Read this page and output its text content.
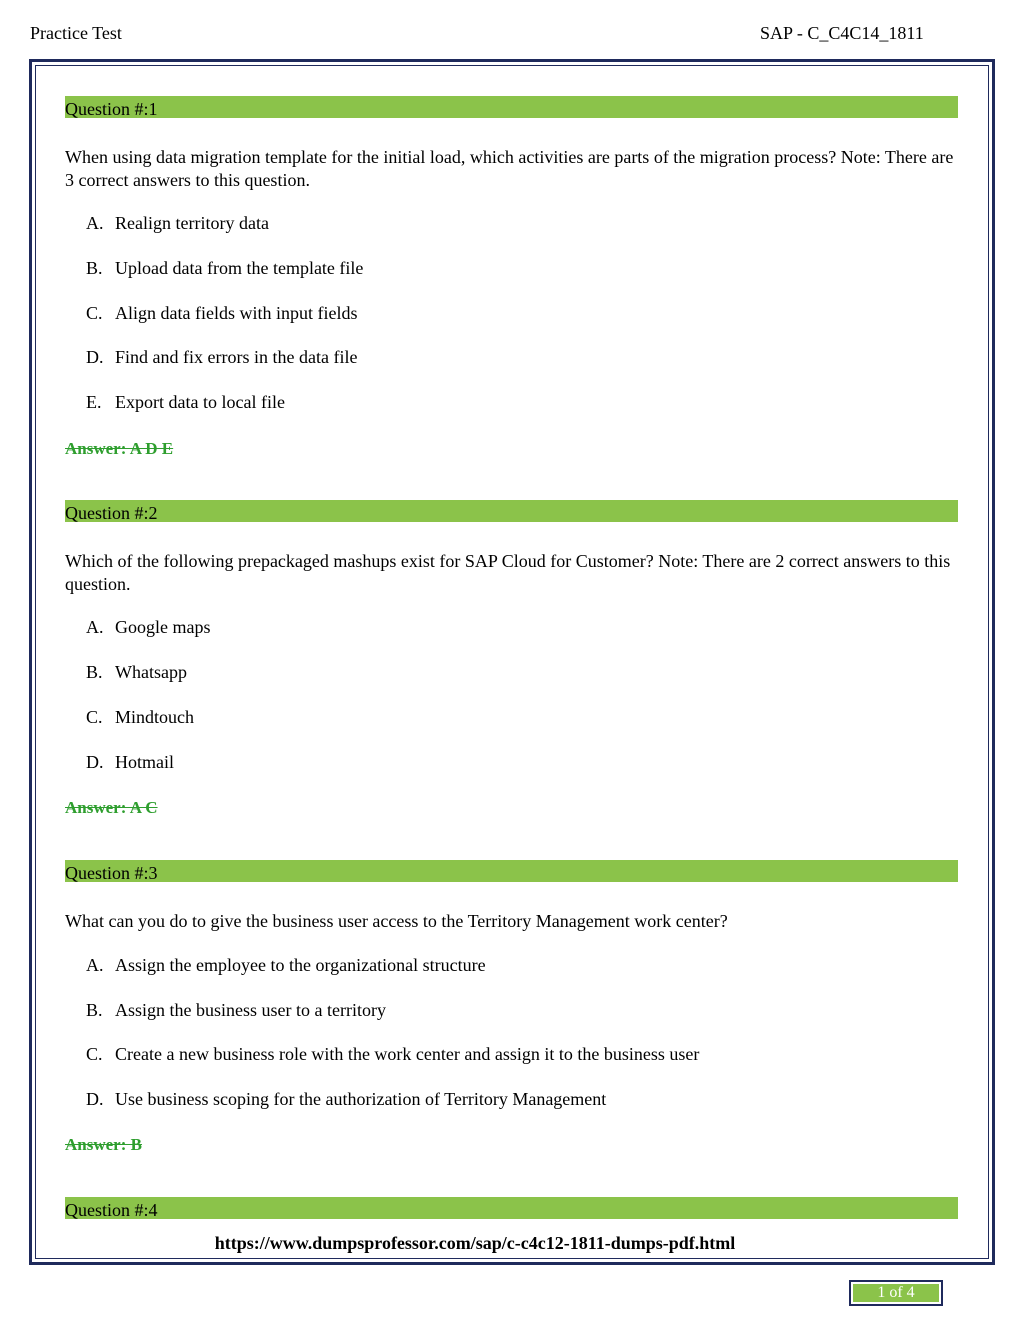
Practice Test	SAP - C_C4C14_1811
Question #:1
When using data migration template for the initial load, which activities are parts of the migration process? Note: There are 3 correct answers to this question.
A. Realign territory data
B. Upload data from the template file
C. Align data fields with input fields
D. Find and fix errors in the data file
E. Export data to local file
Answer: A D E
Question #:2
Which of the following prepackaged mashups exist for SAP Cloud for Customer? Note: There are 2 correct answers to this question.
A. Google maps
B. Whatsapp
C. Mindtouch
D. Hotmail
Answer: A C
Question #:3
What can you do to give the business user access to the Territory Management work center?
A. Assign the employee to the organizational structure
B. Assign the business user to a territory
C. Create a new business role with the work center and assign it to the business user
D. Use business scoping for the authorization of Territory Management
Answer: B
Question #:4
https://www.dumpsprofessor.com/sap/c-c4c12-1811-dumps-pdf.html
1 of 4
